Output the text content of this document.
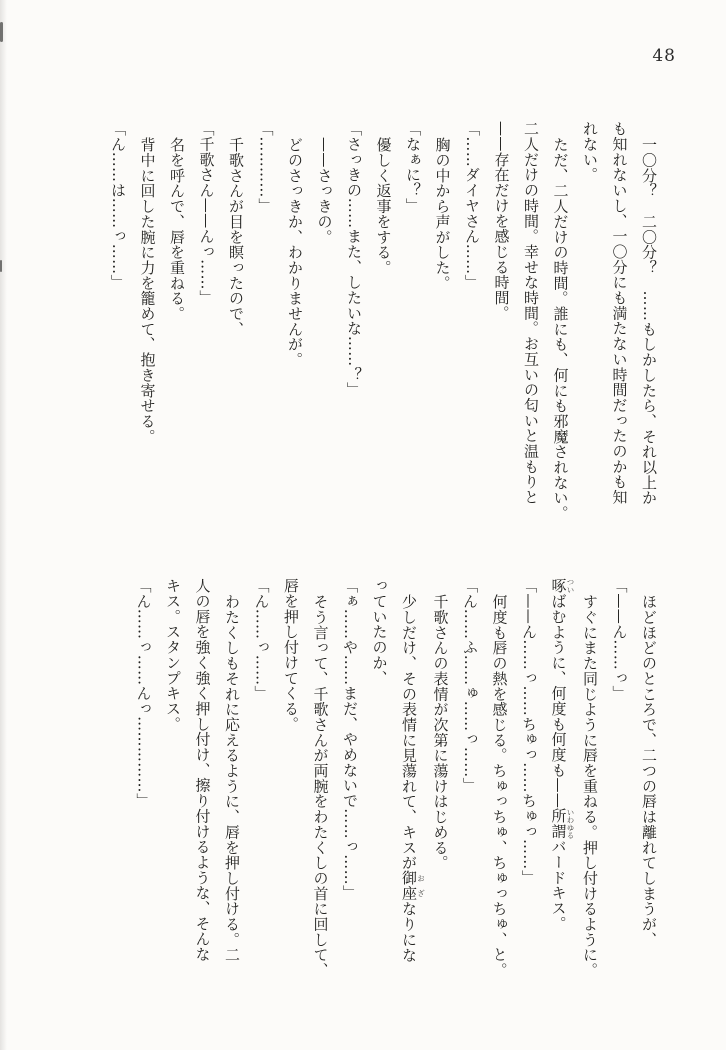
48

一〇分？　二〇分？　……もしかしたら、それ以上か

も知れないし、一〇分にも満たない時間だったのかも知

れない。

ただ、二人だけの時間。誰にも、何にも邪魔されない。

二人だけの時間。幸せな時間。お互いの匂いと温もりと

——存在だけを感じる時間。

「……ダイヤさん……」

胸の中から声がした。

「なぁに？」

優しく返事をする。

「さっきの……また、したいな……？」

——さっきの。

どのさっきか、わかりませんが。

「…………」

千歌さんが目を瞑ったので、

「千歌さん——んっ……」

名を呼んで、唇を重ねる。

背中に回した腕に力を籠めて、抱き寄せる。

「ん……は……っ……」

ほどほどのところで、二つの唇は離れてしまうが、

「——ん……っ」

すぐにまた同じように唇を重ねる。押し付けるように。

啄ついばむように、何度も何度も——所謂いわゆるバードキス。

「——ん……っ……ちゅっ……ちゅっ……」

何度も唇の熱を感じる。ちゅっちゅ、ちゅっちゅ、と。

「ん……ふ……ゅ……っ……」

千歌さんの表情が次第に蕩けはじめる。

少しだけ、その表情に見蕩れて、キスが御座おざなりにな

っていたのか、

「ぁ……や……まだ、やめないで……っ……」

そう言って、千歌さんが両腕をわたくしの首に回して、

唇を押し付けてくる。

「ん……っ……」

わたくしもそれに応えるように、唇を押し付ける。二

人の唇を強く強く押し付け、擦り付けるような、そんな

キス。スタンプキス。

「ん……っ……んっ……………」
